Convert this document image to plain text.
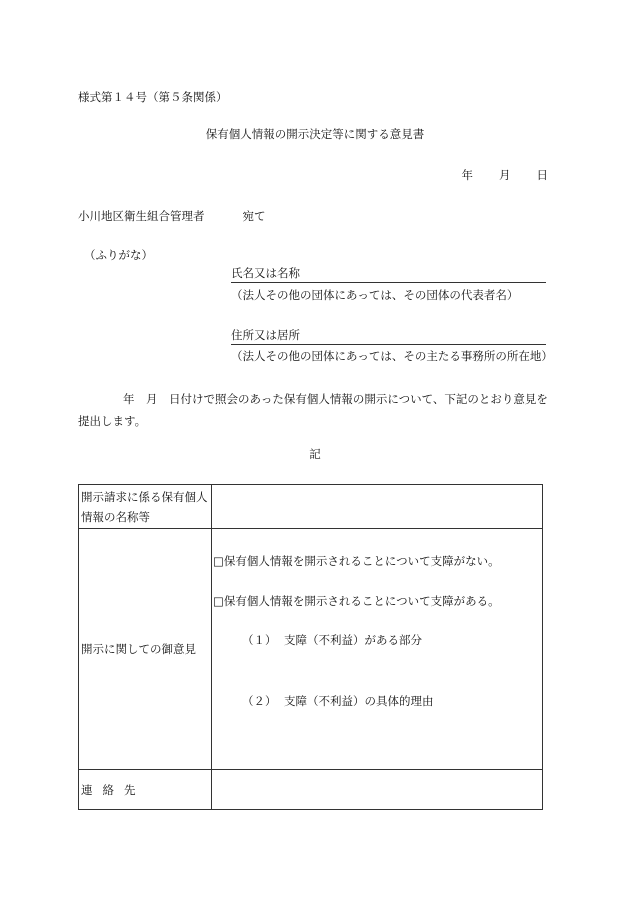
様式第１４号（第５条関係）
保有個人情報の開示決定等に関する意見書
年 月 日
小川地区衛生組合管理者	宛て
（ふりがな）
氏名又は名称
（法人その他の団体にあっては、その団体の代表者名）
住所又は居所
（法人その他の団体にあっては、その主たる事務所の所在地）
年　月　日付けで照会のあった保有個人情報の開示について、下記のとおり意見を提出します。
記
開示請求に係る保有個人情報の名称等	

開示に関しての御意見	□保有個人情報を開示されることについて支障がない。
□保有個人情報を開示されることについて支障がある。
（１） 支障（不利益）がある部分
（２） 支障（不利益）の具体的理由

連絡先	
